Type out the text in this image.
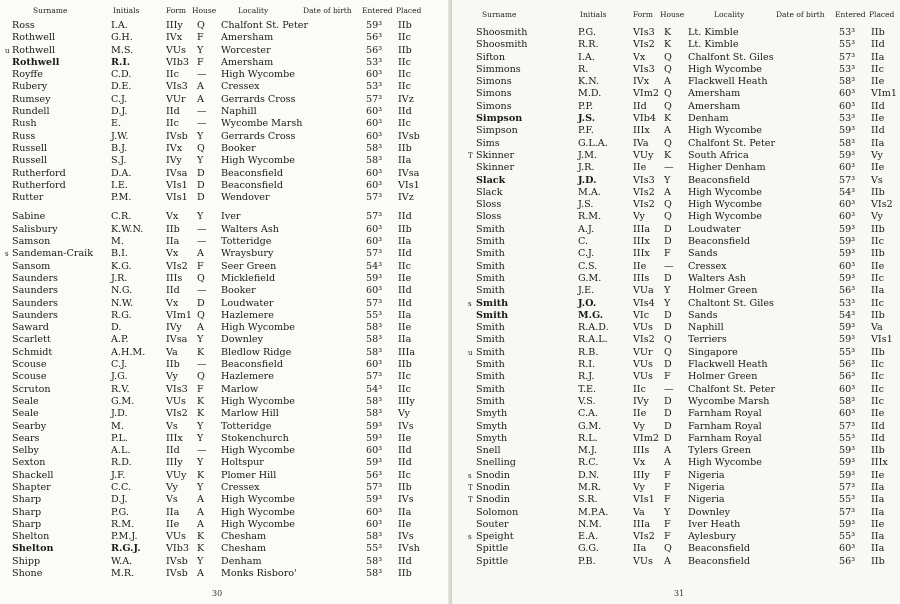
Surname	Initials	Form House	Locality	Date of birth Entered Placed
Ross	I.A.	IIIy Q Chalfont St. Peter	59³ IIb
Rothwell	G.H.	IVx F Amersham	56³ IIc
u Rothwell	M.S.	VUs Y Worcester	56³ IIb
Rothwell	R.I.	VIb3 F Amersham	53³ IIc
Royffe	C.D.	IIc — High Wycombe	60³ IIc
Rubery	D.E.	VIs3 A Cressex	53³ IIc
Rumsey	C.J.	VUr A Gerrards Cross	57³ IVz
Rundell	D.J.	IId — Naphill	60³ IId
Rush	E.	IIc — Wycombe Marsh	60³ IIc
Russ	J.W.	IVsb Y Gerrards Cross	60³ IVsb
Russell	B.J.	IVx Q Booker	58³ IIb
Russell	S.J.	IVy Y High Wycombe	58³ IIa
Rutherford	D.A.	IVsa D Beaconsfield	60³ IVsa
Rutherford	I.E.	VIs1 D Beaconsfield	60³ VIs1
Rutter	P.M.	VIs1 D Wendover	57³ IVz
Sabine	C.R.	Vx Y Iver	57³ IId
Salisbury	K.W.N. IIb — Walters Ash	60³ IIb
Samson	M.	IIa — Totteridge	60³ IIa
s Sandeman-Craik B.I.	Vx A Wraysbury	57³ IId
Sansom	K.G.	VIs2 F Seer Green	54³ IIc
Saunders	J.R.	IIIs Q Micklefield	59³ IIe
Saunders	N.G.	IId — Booker	60³ IId
Saunders	N.W.	Vx D Loudwater	57³ IId
Saunders	R.G.	VIm1 Q Hazlemere	55³ IIa
Saward	D.	IVy A High Wycombe	58³ IIe
Scarlett	A.P.	IVsa Y Downley	58³ IIa
Schmidt	A.H.M. Va K Bledlow Ridge	58³ IIIa
Scouse	C.J.	IIb — Beaconsfield	60³ IIb
Scouse	J.G.	Vy Q Hazlemere	57³ IIc
Scruton	R.V.	VIs3 F Marlow	54³ IIc
Seale	G.M.	VUs K High Wycombe	58³ IIIy
Seale	J.D.	VIs2 K Marlow Hill	58³ Vy
Searby	M.	Vs Y Totteridge	59³ IVs
Sears	P.L.	IIIx Y Stokenchurch	59³ IIe
Selby	A.L.	IId — High Wycombe	60³ IId
Sexton	R.D.	IIIy Y Holtspur	59³ IId
Shackell	J.F.	VUy K Plomer Hill	56³ IIc
Shapter	C.C.	Vy Y Cressex	57³ IIb
Sharp	D.J.	Vs A High Wycombe	59³ IVs
Sharp	P.G.	IIa A High Wycombe	60³ IIa
Sharp	R.M.	IIe A High Wycombe	60³ IIe
Shelton	P.M.J.	VUs K Chesham	58³ IVs
Shelton	R.G.J.	VIb3 K Chesham	55³ IVsh
Shipp	W.A.	IVsb Y Denham	58³ IId
Shone	M.R.	IVsb A Monks Risboro'	58³ IIb
30
Surname	Initials	Form House	Locality	Date of birth Entered Placed
Shoosmith	P.G.	VIs3 K Lt. Kimble	53³ IIb
Shoosmith	R.R.	VIs2 K Lt. Kimble	55³ IId
Sifton	I.A.	Vx Q Chalfont St. Giles	57³ IIa
Simmons	R.	VIs3 Q High Wycombe	53³ IIc
Simons	K.N.	IVx A Flackwell Heath	58³ IIe
Simons	M.D.	VIm2 Q Amersham	60³ VIm1
Simons	P.P.	IId Q Amersham	60³ IId
Simpson	J.S.	VIb4 K Denham	53³ IIe
Simpson	P.F.	IIIx A High Wycombe	59³ IId
Sims	G.L.A.	IVa Q Chalfont St. Peter	58³ IIa
T Skinner	J.M.	VUy K South Africa	59³ Vy
Skinner	J.R.	IIe — Higher Denham	60³ IIe
Slack	J.D.	VIs3 Y Beaconsfield	57³ Vs
Slack	M.A.	VIs2 A High Wycombe	54³ IIb
Sloss	J.S.	VIs2 Q High Wycombe	60³ VIs2
Sloss	R.M.	Vy Q High Wycombe	60³ Vy
Smith	A.J.	IIIa D Loudwater	59³ IIb
Smith	C.	IIIx D Beaconsfield	59³ IIc
Smith	C.J.	IIIx F Sands	59³ IIb
Smith	C.S.	IIe — Cressex	60³ IIe
Smith	G.M.	IIIs D Walters Ash	59³ IIc
Smith	J.E.	VUa Y Holmer Green	56³ IIa
s Smith	J.O.	VIs4 Y Chaltont St. Giles	53³ IIc
Smith	M.G.	VIc D Sands	54³ IIb
Smith	R.A.D.	VUs D Naphill	59³ Va
Smith	R.A.L.	VIs2 Q Terriers	59³ VIs1
u Smith	R.B.	VUr Q Singapore	55³ IIb
Smith	R.I.	VUs D Flackwell Heath	56³ IIc
Smith	R.J.	VUs F Holmer Green	56³ IIc
Smith	T.E.	IIc — Chalfont St. Peter	60³ IIc
Smith	V.S.	IVy D Wycombe Marsh	58³ IIc
Smyth	C.A.	IIe D Farnham Royal	60³ IIe
Smyth	G.M.	Vy D Farnham Royal	57³ IId
Smyth	R.L.	VIm2 D Farnham Royal	55³ IId
Snell	M.J.	IIIs A Tylers Green	59³ IIb
Snelling	R.C.	Vx A High Wycombe	59³ IIIx
s Snodin	D.N.	IIIy F Nigeria	59³ IIe
T Snodin	M.R.	Vy F Nigeria	57³ IIa
T Snodin	S.R.	VIs1 F Nigeria	55³ IIa
Solomon	M.P.A.	Va Y Downley	57³ IIa
Souter	N.M.	IIIa F Iver Heath	59³ IIe
s Speight	E.A.	VIs2 F Aylesbury	55³ IIa
Spittle	G.G.	IIa Q Beaconsfield	60³ IIa
Spittle	P.B.	VUs A Beaconsfield	56³ IIb
31
